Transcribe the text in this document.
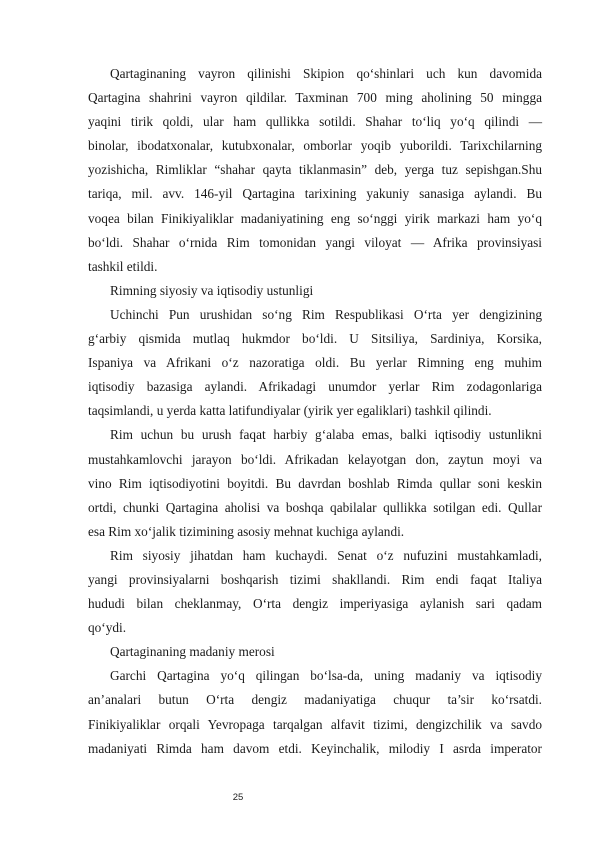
Qartaginaning vayron qilinishi Skipion qo‘shinlari uch kun davomida
Qartagina shahrini vayron qildilar. Taxminan 700 ming aholining 50 mingga
yaqini tirik qoldi, ular ham qullikka sotildi. Shahar to‘liq yo‘q qilindi —
binolar, ibodatxonalar, kutubxonalar, omborlar yoqib yuborildi. Tarixchilarning
yozishicha, Rimliklar “shahar qayta tiklanmasin” deb, yerga tuz sepishgan.Shu
tariqa, mil. avv. 146-yil Qartagina tarixining yakuniy sanasiga aylandi. Bu
voqea bilan Finikiyaliklar madaniyatining eng so‘nggi yirik markazi ham yo‘q
bo‘ldi. Shahar o‘rnida Rim tomonidan yangi viloyat — Afrika provinsiyasi
tashkil etildi.
Rimning siyosiy va iqtisodiy ustunligi
Uchinchi Pun urushidan so‘ng Rim Respublikasi O‘rta yer dengizining
g‘arbiy qismida mutlaq hukmdor bo‘ldi. U Sitsiliya, Sardiniya, Korsika,
Ispaniya va Afrikani o‘z nazoratiga oldi. Bu yerlar Rimning eng muhim
iqtisodiy bazasiga aylandi. Afrikadagi unumdor yerlar Rim zodagonlariga
taqsimlandi, u yerda katta latifundiyalar (yirik yer egaliklari) tashkil qilindi.
Rim uchun bu urush faqat harbiy g‘alaba emas, balki iqtisodiy ustunlikni
mustahkamlovchi jarayon bo‘ldi. Afrikadan kelayotgan don, zaytun moyi va
vino Rim iqtisodiyotini boyitdi. Bu davrdan boshlab Rimda qullar soni keskin
ortdi, chunki Qartagina aholisi va boshqa qabilalar qullikka sotilgan edi. Qullar
esa Rim xo‘jalik tizimining asosiy mehnat kuchiga aylandi.
Rim siyosiy jihatdan ham kuchaydi. Senat o‘z nufuzini mustahkamladi,
yangi provinsiyalarni boshqarish tizimi shakllandi. Rim endi faqat Italiya
hududi bilan cheklanmay, O‘rta dengiz imperiyasiga aylanish sari qadam
qo‘ydi.
Qartaginaning madaniy merosi
Garchi Qartagina yo‘q qilingan bo‘lsa-da, uning madaniy va iqtisodiy
an’analari butun O‘rta dengiz madaniyatiga chuqur ta’sir ko‘rsatdi.
Finikiyaliklar orqali Yevropaga tarqalgan alfavit tizimi, dengizchilik va savdo
madaniyati Rimda ham davom etdi. Keyinchalik, milodiy I asrda imperator
25
